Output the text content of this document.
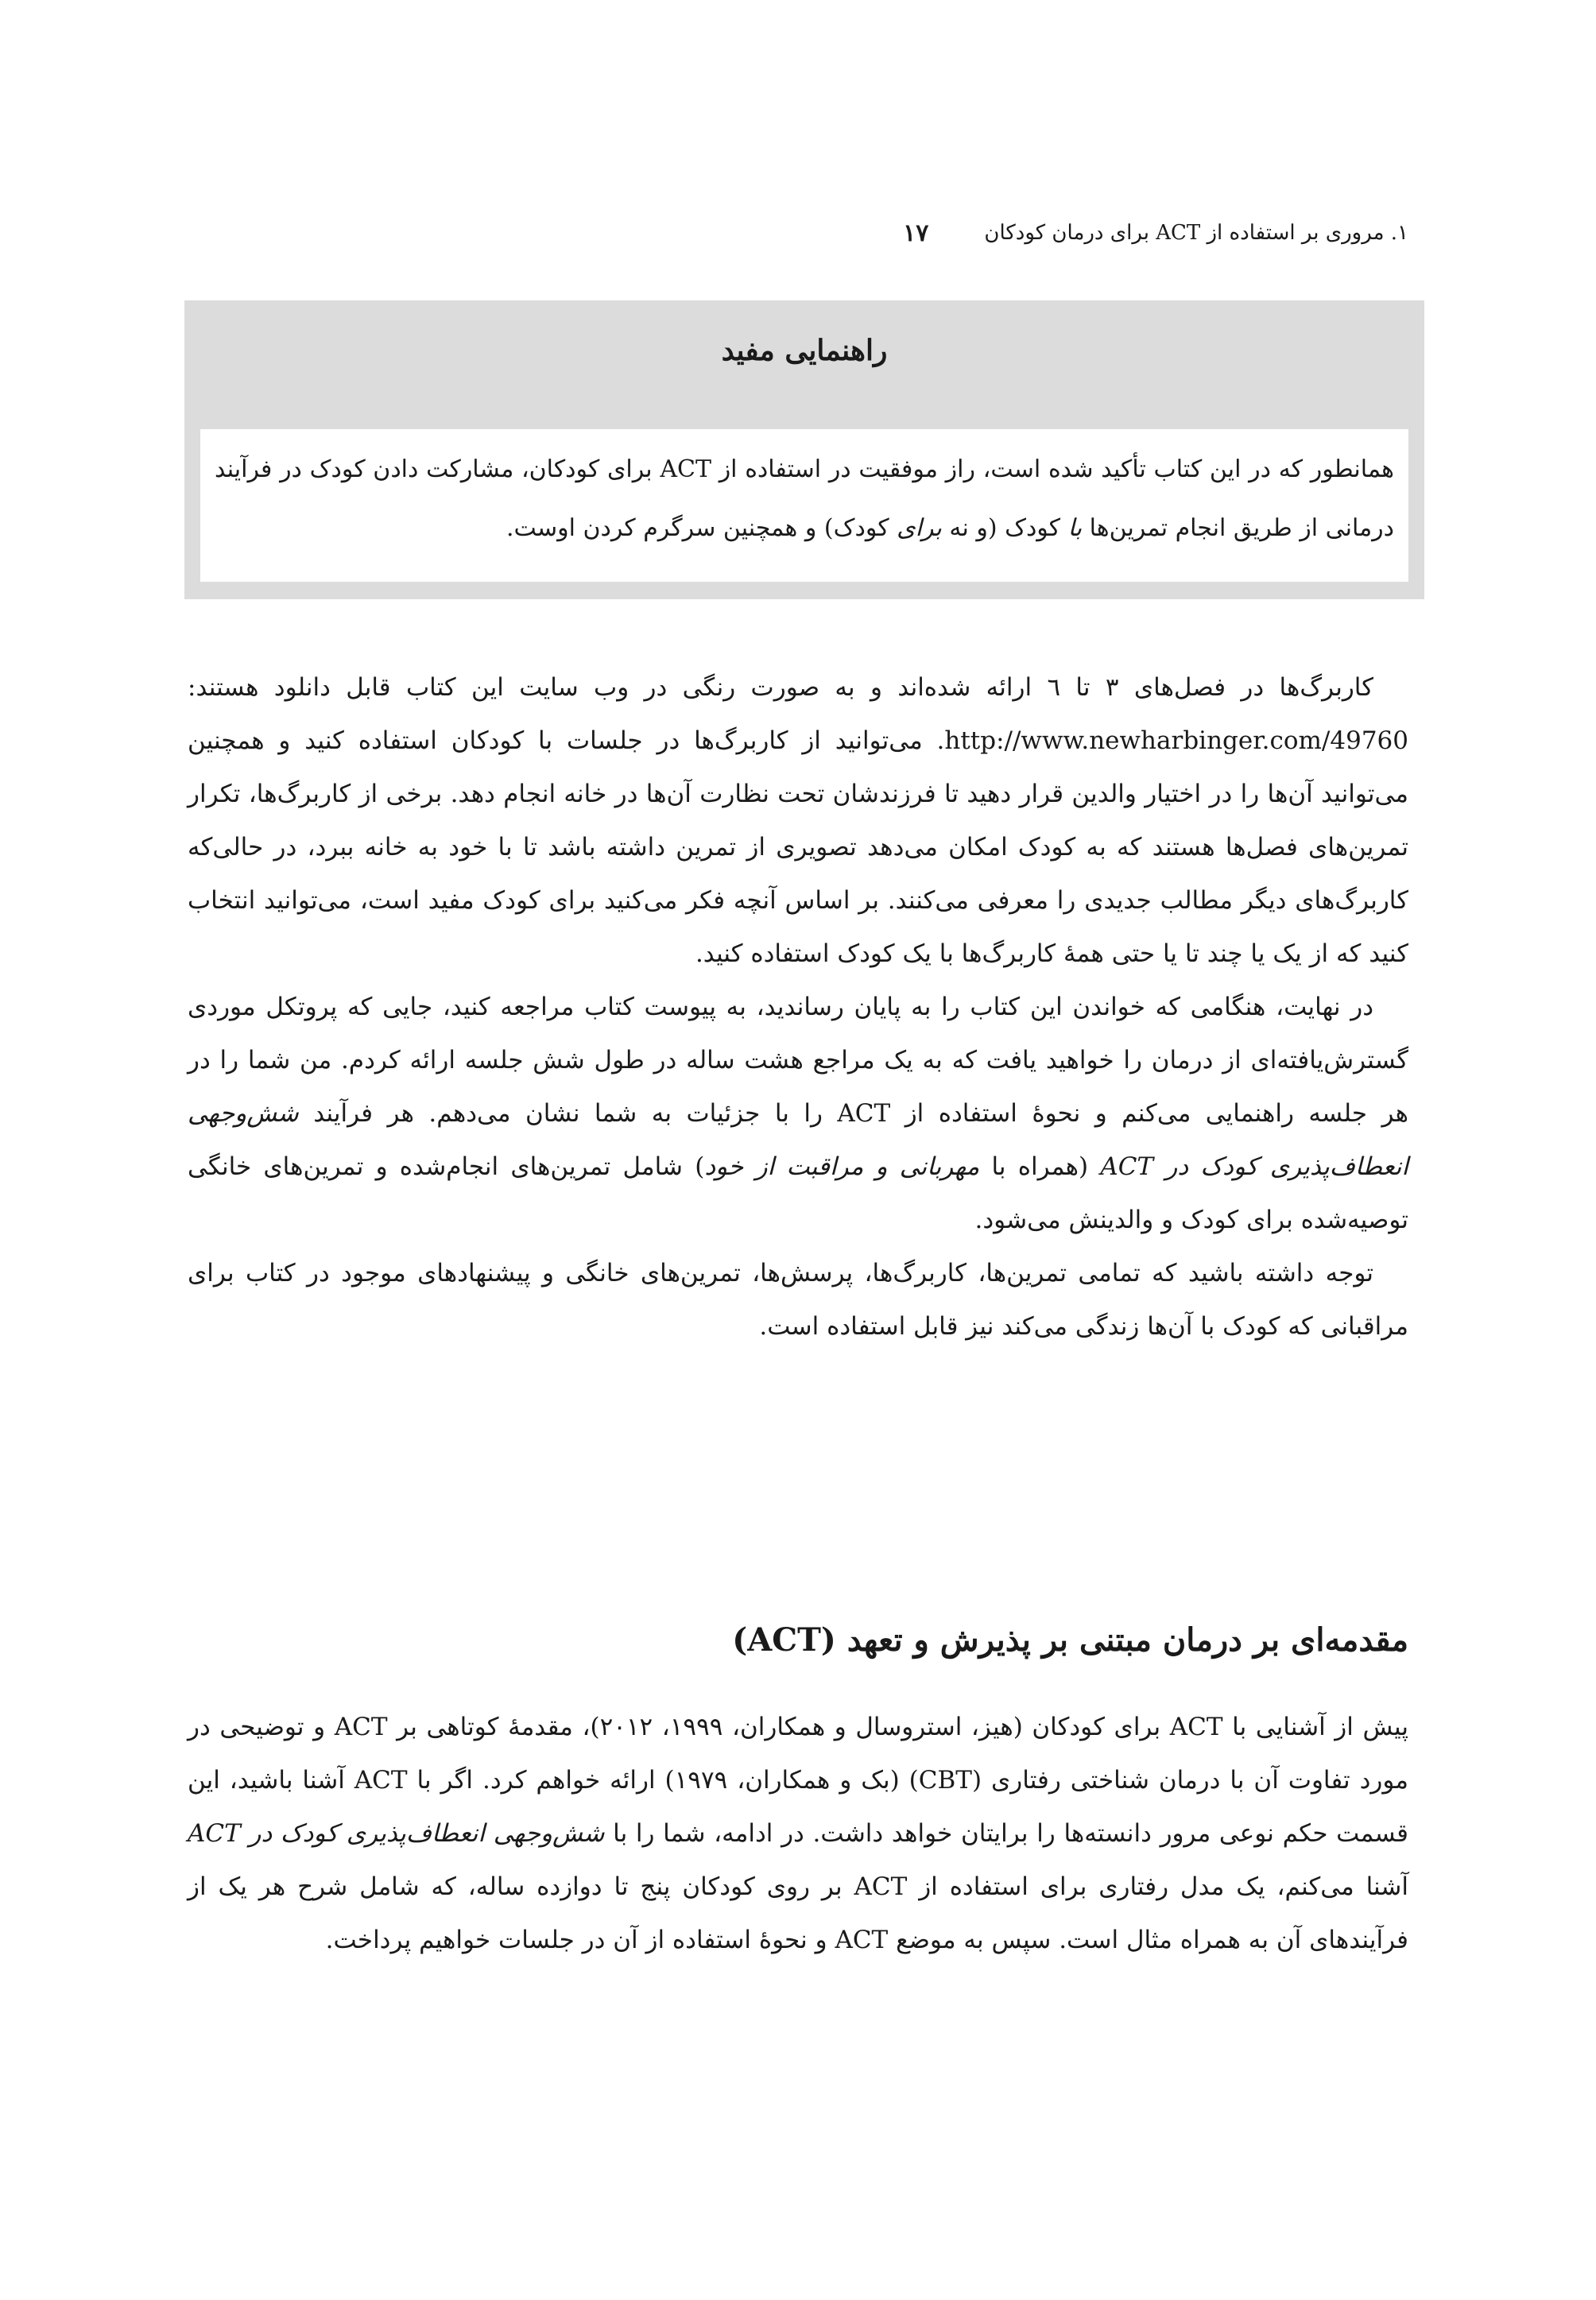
۱. مروری بر استفاده از ACT برای درمان کودکان
۱۷
راهنمایی مفید
همانطور که در این کتاب تأکید شده است، راز موفقیت در استفاده از ACT برای کودکان، مشارکت دادن کودک در فرآیند درمانی از طریق انجام تمرین‌ها با کودک (و نه برای کودک) و همچنین سرگرم کردن اوست.

کاربرگ‌ها در فصل‌های ۳ تا ٦ ارائه شده‌اند و به صورت رنگی در وب سایت این کتاب قابل دانلود هستند: http://www.newharbinger.com/49760. می‌توانید از کاربرگ‌ها در جلسات با کودکان استفاده کنید و همچنین می‌توانید آن‌ها را در اختیار والدین قرار دهید تا فرزندشان تحت نظارت آن‌ها در خانه انجام دهد. برخی از کاربرگ‌ها، تکرار تمرین‌های فصل‌ها هستند که به کودک امکان می‌دهد تصویری از تمرین داشته باشد تا با خود به خانه ببرد، در حالی‌که کاربرگ‌های دیگر مطالب جدیدی را معرفی می‌کنند. بر اساس آنچه فکر می‌کنید برای کودک مفید است، می‌توانید انتخاب کنید که از یک یا چند تا یا حتی همهٔ کاربرگ‌ها با یک کودک استفاده کنید.

در نهایت، هنگامی که خواندن این کتاب را به پایان رساندید، به پیوست کتاب مراجعه کنید، جایی که پروتکل موردی گسترش‌یافته‌ای از درمان را خواهید یافت که به یک مراجع هشت ساله در طول شش جلسه ارائه کردم. من شما را در هر جلسه راهنمایی می‌کنم و نحوهٔ استفاده از ACT را با جزئیات به شما نشان می‌دهم. هر فرآیند شش‌وجهی انعطاف‌پذیری کودک در ACT (همراه با مهربانی و مراقبت از خود) شامل تمرین‌های انجام‌شده و تمرین‌های خانگی توصیه‌شده برای کودک و والدینش می‌شود.

توجه داشته باشید که تمامی تمرین‌ها، کاربرگ‌ها، پرسش‌ها، تمرین‌های خانگی و پیشنهادهای موجود در کتاب برای مراقبانی که کودک با آن‌ها زندگی می‌کند نیز قابل استفاده است.

مقدمه‌ای بر درمان مبتنی بر پذیرش و تعهد (ACT)

پیش از آشنایی با ACT برای کودکان (هیز، استروسال و همکاران، ۱۹۹۹، ۲۰۱۲)، مقدمهٔ کوتاهی بر ACT و توضیحی در مورد تفاوت آن با درمان شناختی رفتاری (CBT) (بک و همکاران، ۱۹۷۹) ارائه خواهم کرد. اگر با ACT آشنا باشید، این قسمت حکم نوعی مرور دانسته‌ها را برایتان خواهد داشت. در ادامه، شما را با شش‌وجهی انعطاف‌پذیری کودک در ACT آشنا می‌کنم، یک مدل رفتاری برای استفاده از ACT بر روی کودکان پنج تا دوازده ساله، که شامل شرح هر یک از فرآیندهای آن به همراه مثال است. سپس به موضع ACT و نحوهٔ استفاده از آن در جلسات خواهیم پرداخت.
